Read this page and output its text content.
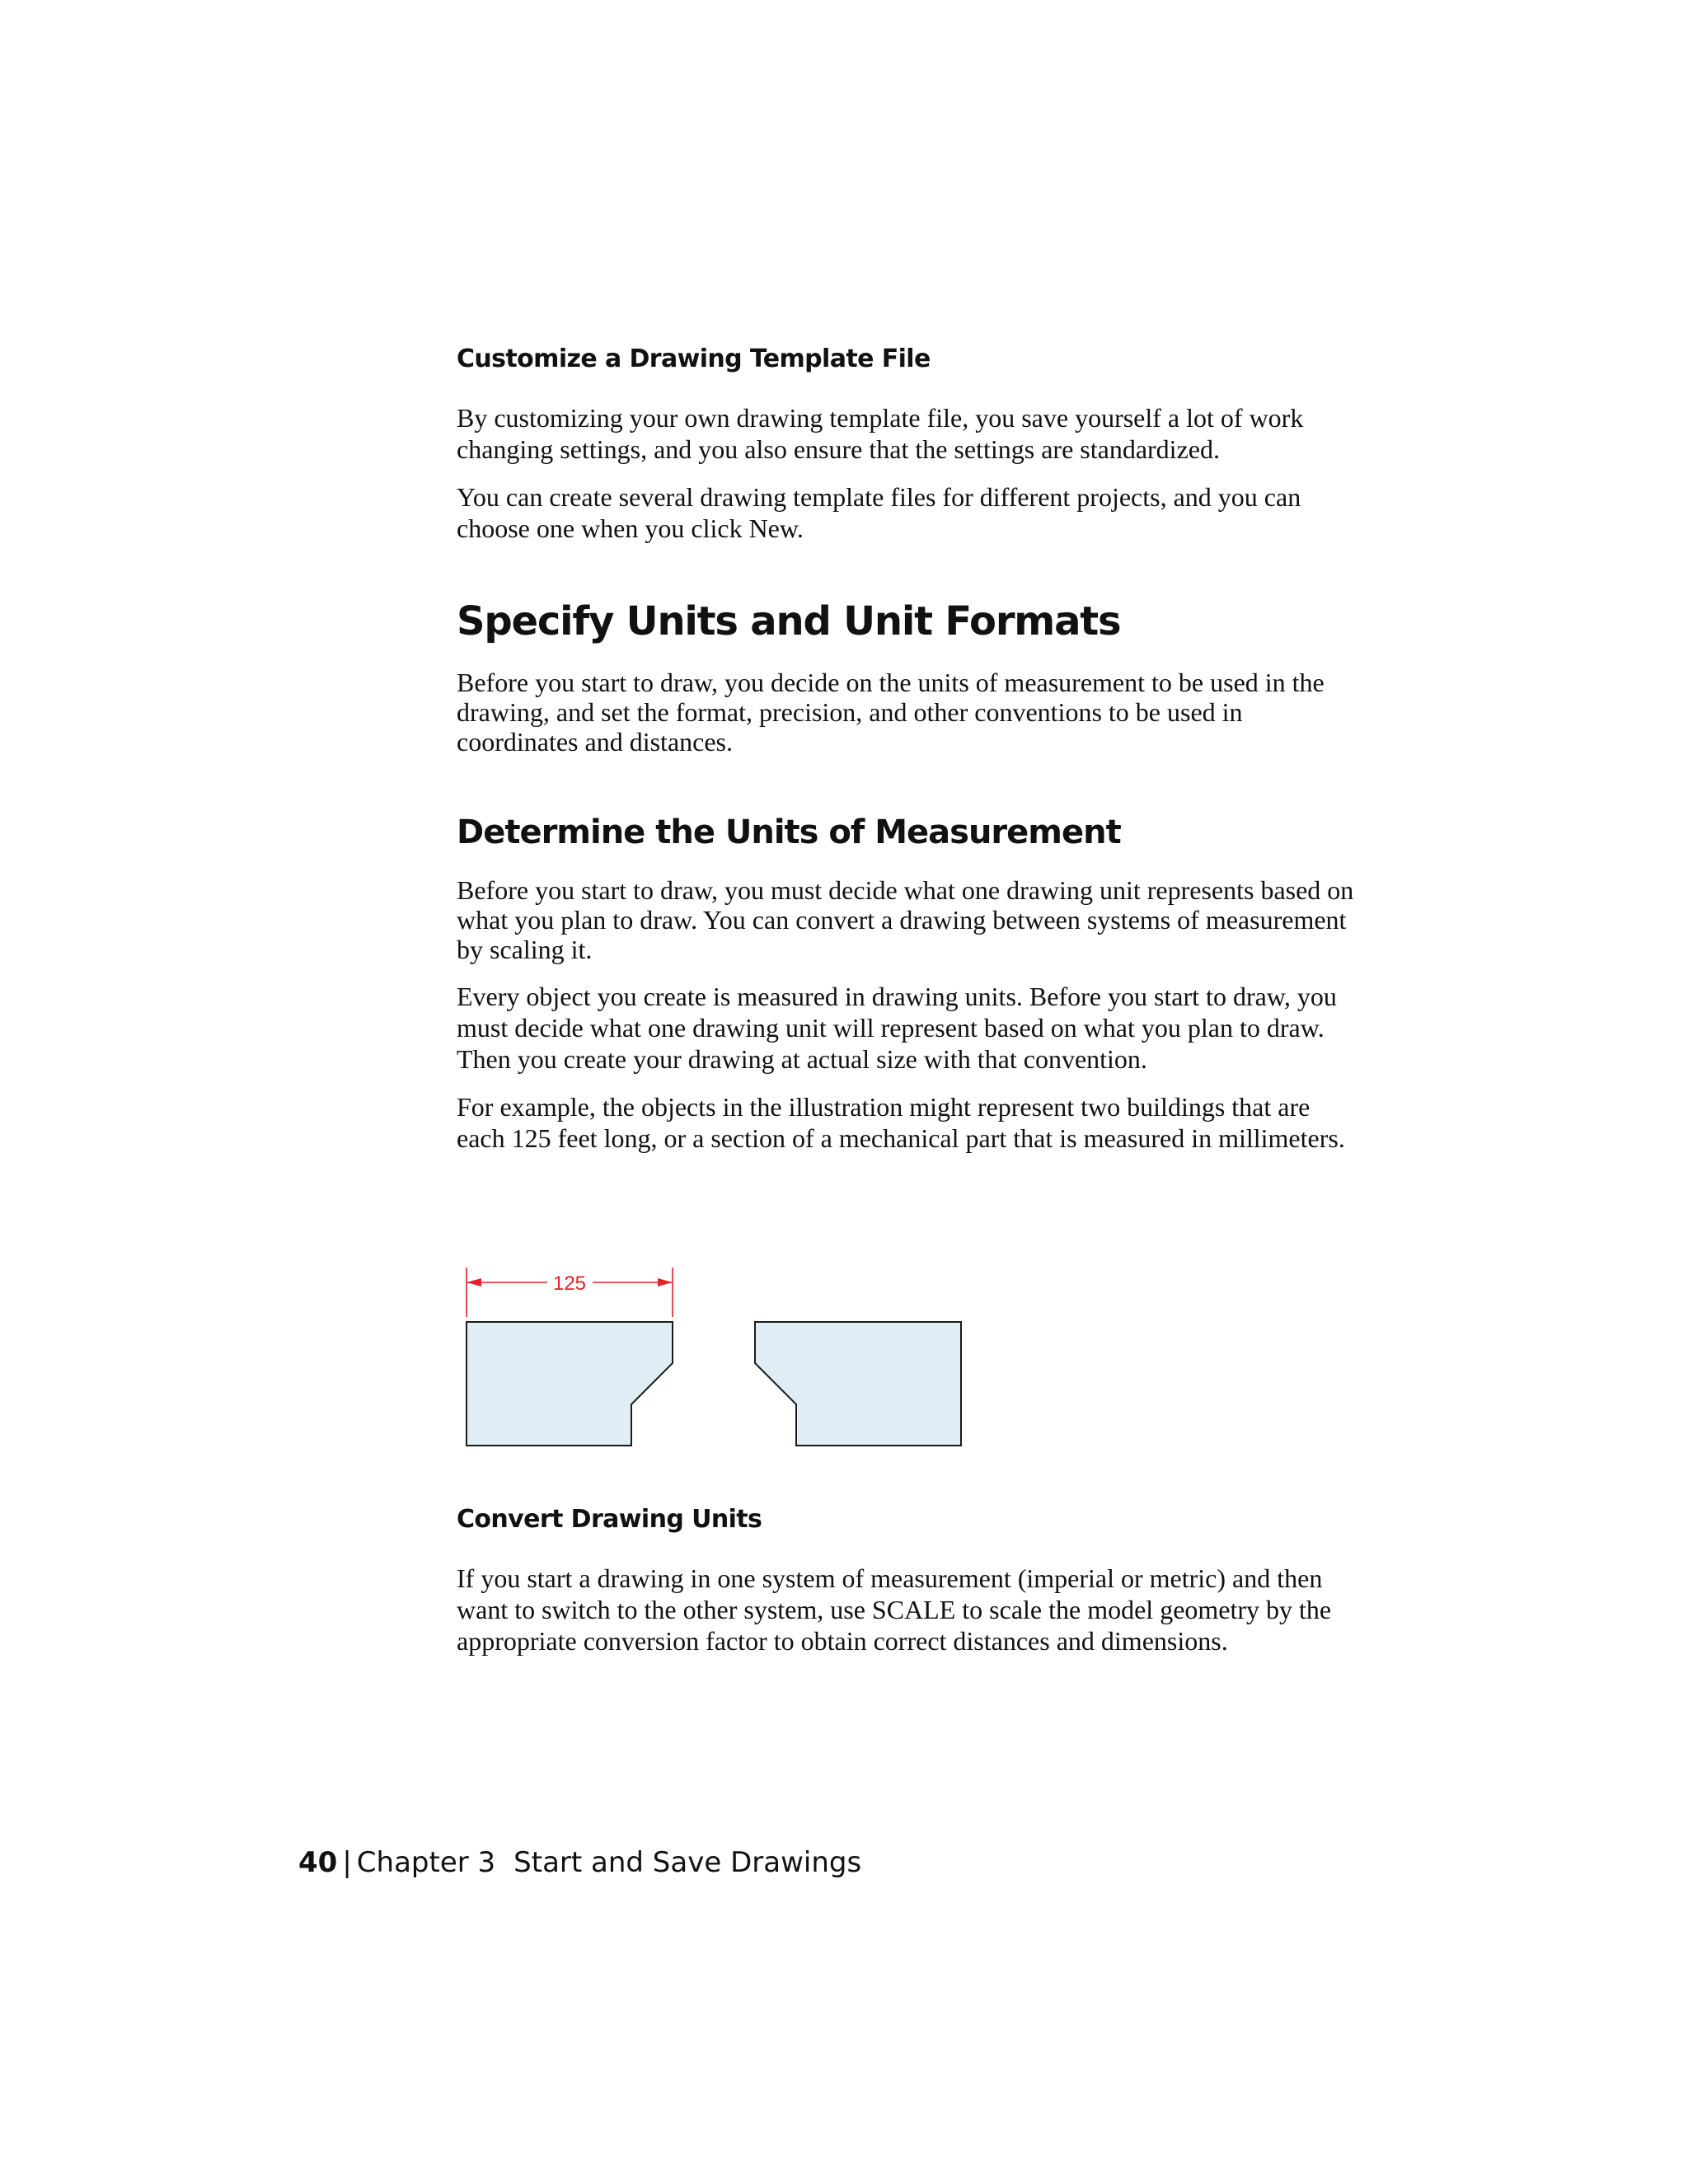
Customize a Drawing Template File

By customizing your own drawing template file, you save yourself a lot of work changing settings, and you also ensure that the settings are standardized.

You can create several drawing template files for different projects, and you can choose one when you click New.

Specify Units and Unit Formats

Before you start to draw, you decide on the units of measurement to be used in the drawing, and set the format, precision, and other conventions to be used in coordinates and distances.

Determine the Units of Measurement

Before you start to draw, you must decide what one drawing unit represents based on what you plan to draw. You can convert a drawing between systems of measurement by scaling it.

Every object you create is measured in drawing units. Before you start to draw, you must decide what one drawing unit will represent based on what you plan to draw. Then you create your drawing at actual size with that convention.

For example, the objects in the illustration might represent two buildings that are each 125 feet long, or a section of a mechanical part that is measured in millimeters.

125
Convert Drawing Units

If you start a drawing in one system of measurement (imperial or metric) and then want to switch to the other system, use SCALE to scale the model geometry by the appropriate conversion factor to obtain correct distances and dimensions.

40 | Chapter 3 Start and Save Drawings
